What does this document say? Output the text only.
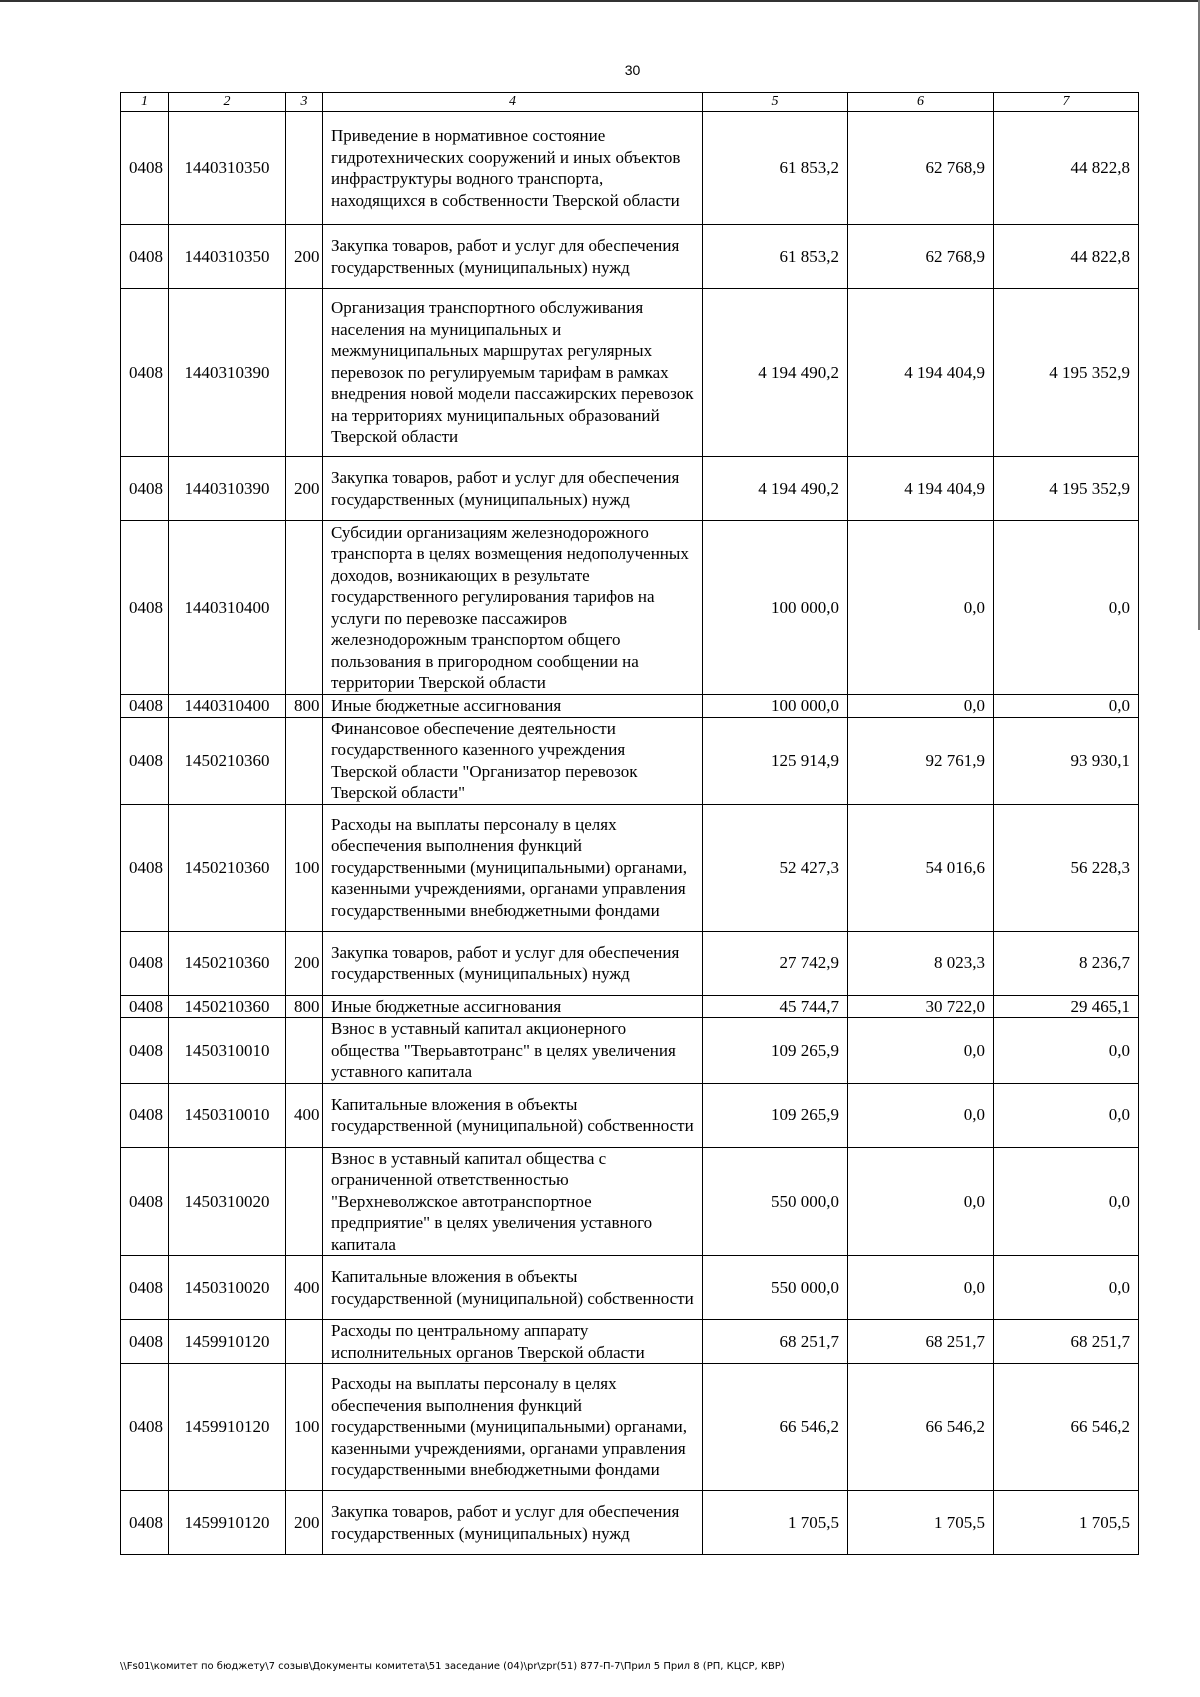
30
1	2	3	4	5	6	7
0408	1440310350		Приведение в нормативное состояние гидротехнических сооружений и иных объектов инфраструктуры водного транспорта, находящихся в собственности Тверской области	61 853,2	62 768,9	44 822,8
0408	1440310350	200	Закупка товаров, работ и услуг для обеспечения государственных (муниципальных) нужд	61 853,2	62 768,9	44 822,8
0408	1440310390		Организация транспортного обслуживания населения на муниципальных и межмуниципальных маршрутах регулярных перевозок по регулируемым тарифам в рамках внедрения новой модели пассажирских перевозок на территориях муниципальных образований Тверской области	4 194 490,2	4 194 404,9	4 195 352,9
0408	1440310390	200	Закупка товаров, работ и услуг для обеспечения государственных (муниципальных) нужд	4 194 490,2	4 194 404,9	4 195 352,9
0408	1440310400		Субсидии организациям железнодорожного транспорта в целях возмещения недополученных доходов, возникающих в результате государственного регулирования тарифов на услуги по перевозке пассажиров железнодорожным транспортом общего пользования в пригородном сообщении на территории Тверской области	100 000,0	0,0	0,0
0408	1440310400	800	Иные бюджетные ассигнования	100 000,0	0,0	0,0
0408	1450210360		Финансовое обеспечение деятельности государственного казенного учреждения Тверской области "Организатор перевозок Тверской области"	125 914,9	92 761,9	93 930,1
0408	1450210360	100	Расходы на выплаты персоналу в целях обеспечения выполнения функций государственными (муниципальными) органами, казенными учреждениями, органами управления государственными внебюджетными фондами	52 427,3	54 016,6	56 228,3
0408	1450210360	200	Закупка товаров, работ и услуг для обеспечения государственных (муниципальных) нужд	27 742,9	8 023,3	8 236,7
0408	1450210360	800	Иные бюджетные ассигнования	45 744,7	30 722,0	29 465,1
0408	1450310010		Взнос в уставный капитал акционерного общества "Тверьавтотранс" в целях увеличения уставного капитала	109 265,9	0,0	0,0
0408	1450310010	400	Капитальные вложения в объекты государственной (муниципальной) собственности	109 265,9	0,0	0,0
0408	1450310020		Взнос в уставный капитал общества с ограниченной ответственностью "Верхневолжское автотранспортное предприятие" в целях увеличения уставного капитала	550 000,0	0,0	0,0
0408	1450310020	400	Капитальные вложения в объекты государственной (муниципальной) собственности	550 000,0	0,0	0,0
0408	1459910120		Расходы по центральному аппарату исполнительных органов Тверской области	68 251,7	68 251,7	68 251,7
0408	1459910120	100	Расходы на выплаты персоналу в целях обеспечения выполнения функций государственными (муниципальными) органами, казенными учреждениями, органами управления государственными внебюджетными фондами	66 546,2	66 546,2	66 546,2
0408	1459910120	200	Закупка товаров, работ и услуг для обеспечения государственных (муниципальных) нужд	1 705,5	1 705,5	1 705,5
\\Fs01\комитет по бюджету\7 созыв\Документы комитета\51 заседание (04)\pr\zpr(51) 877-П-7\Прил 5 Прил 8 (РП, КЦСР, КВР)
